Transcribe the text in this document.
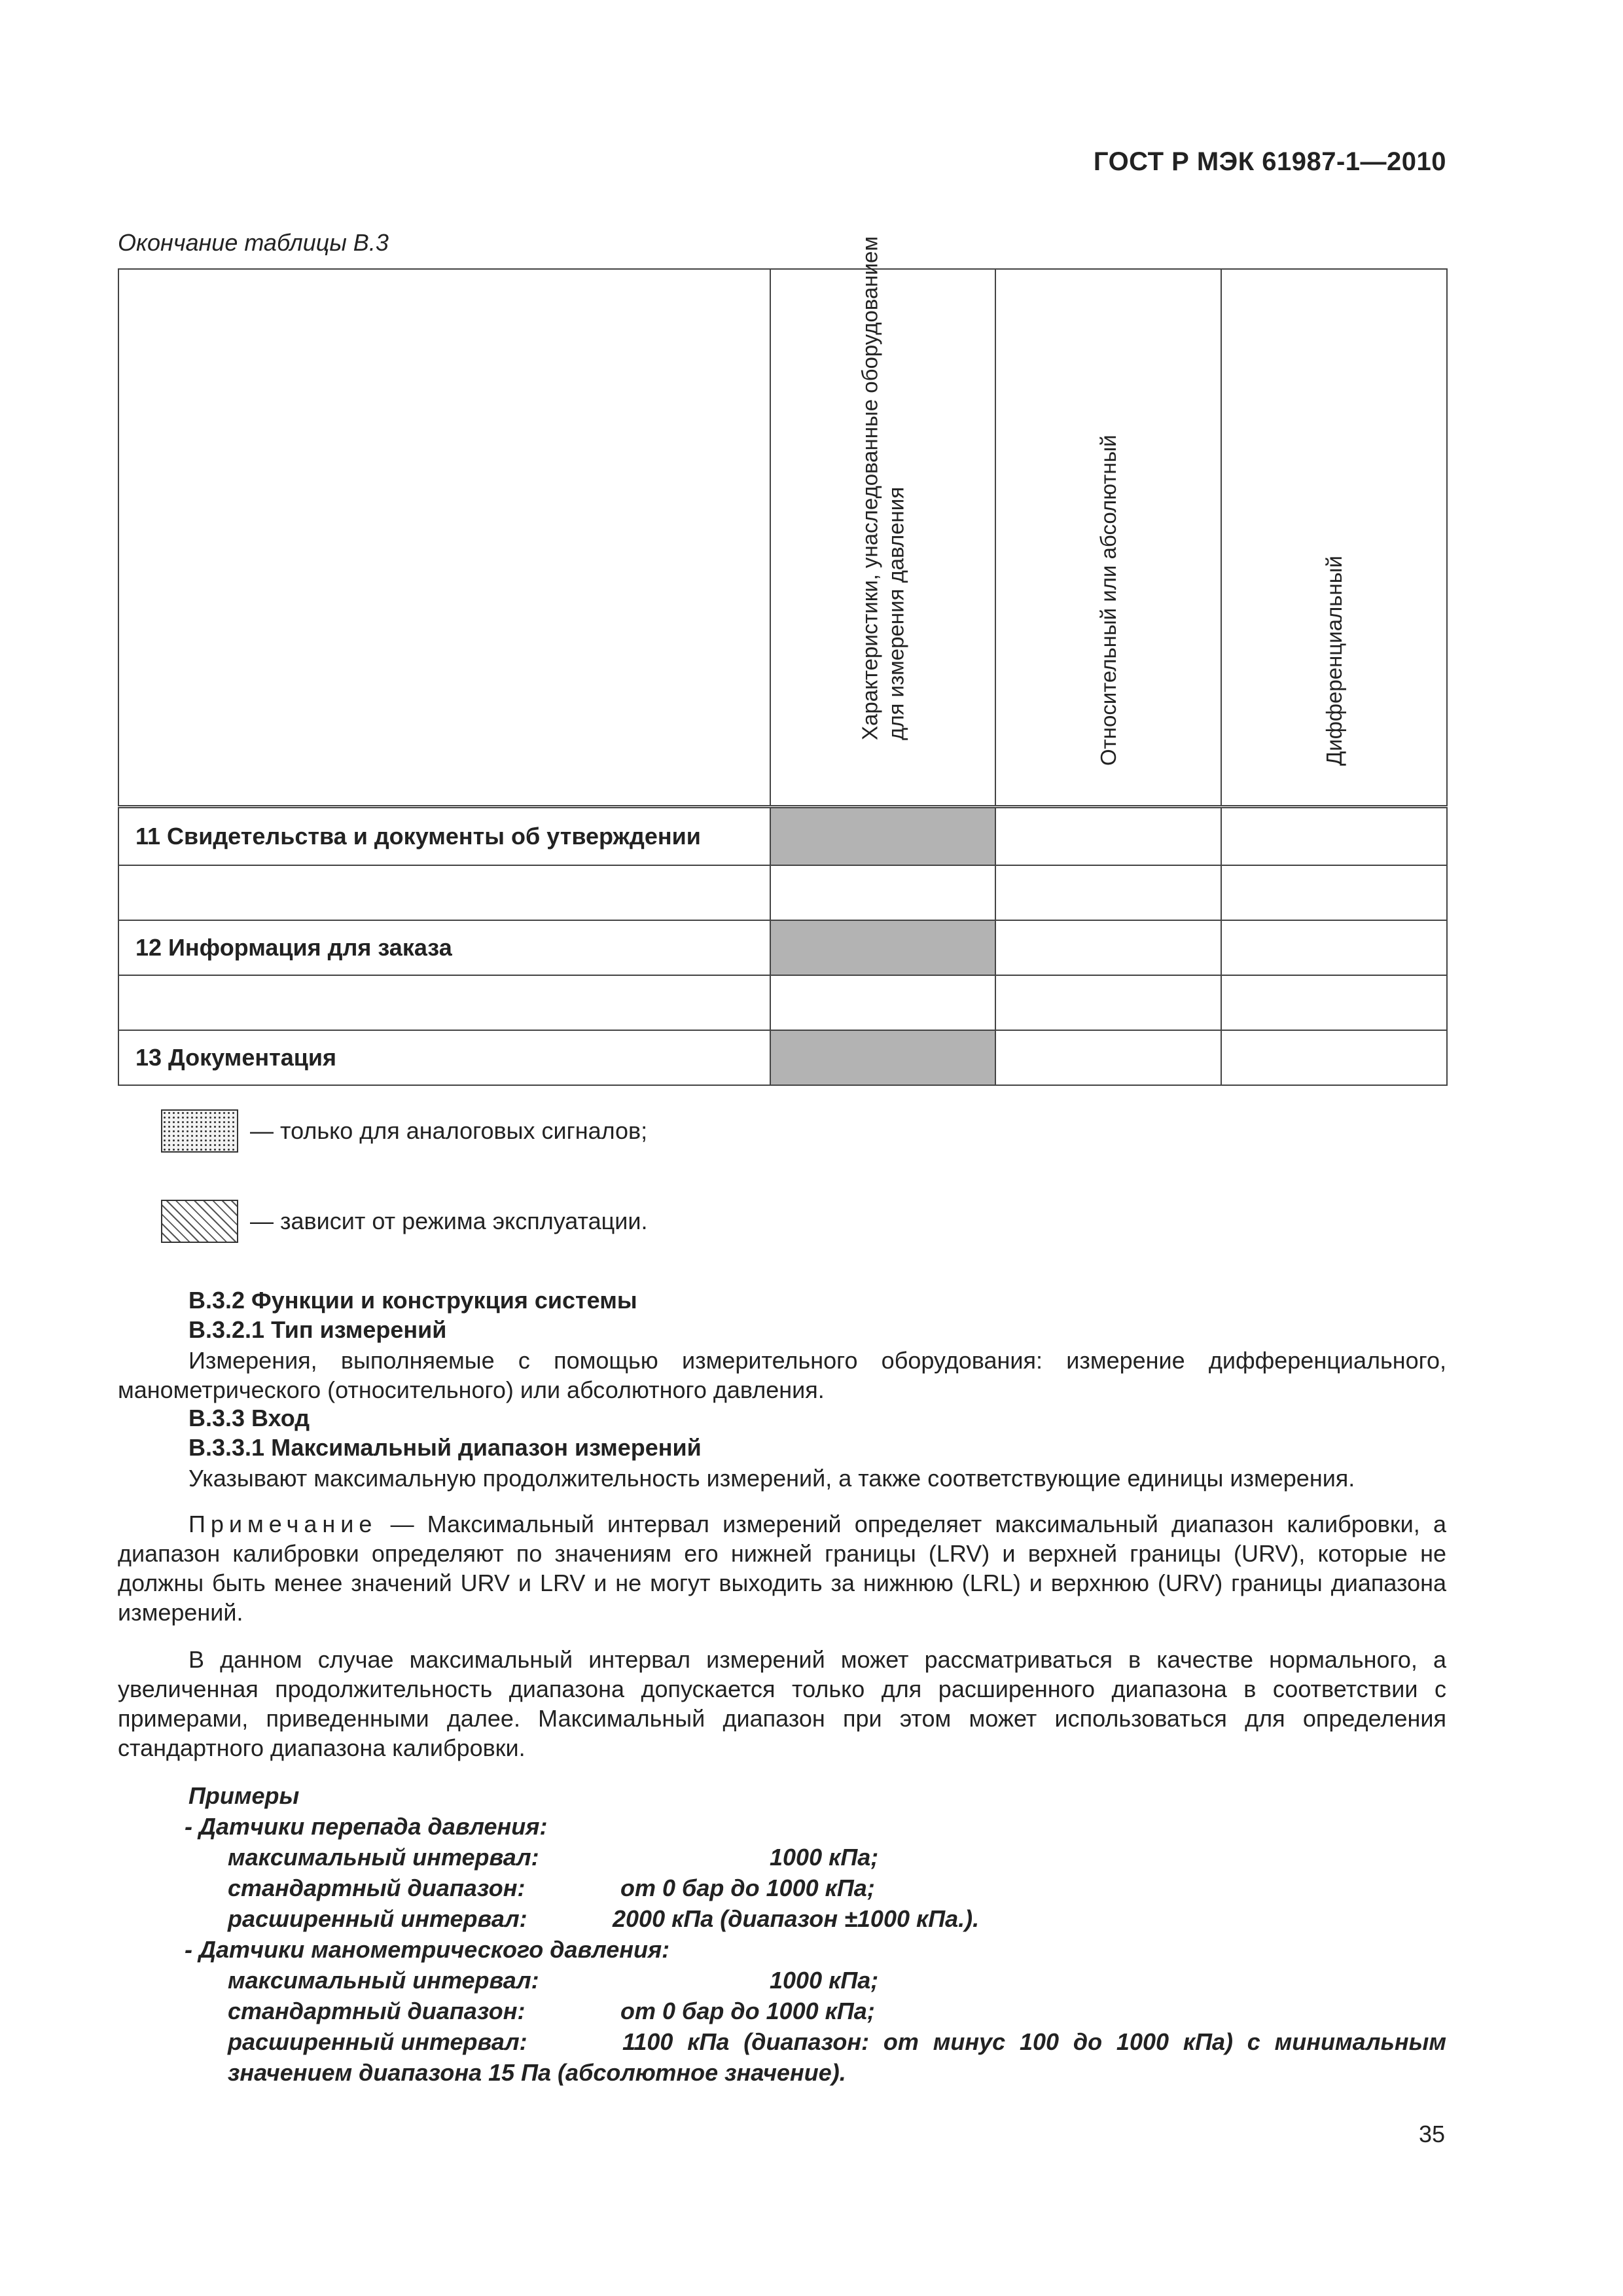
ГОСТ Р МЭК 61987-1—2010
Окончание таблицы В.3

	Характеристики, унаследованные оборудованием для измерения давления	Относительный или абсолютный	Дифференциальный

11 Свидетельства и документы об утверждении			

12 Информация для заказа			

13 Документация			
— только для аналоговых сигналов;
— зависит от режима эксплуатации.
В.3.2 Функции и конструкция системы
В.3.2.1 Тип измерений
Измерения, выполняемые с помощью измерительного оборудования: измерение дифференциального, манометрического (относительного) или абсолютного давления.
В.3.3 Вход
В.3.3.1 Максимальный диапазон измерений
Указывают максимальную продолжительность измерений, а также соответствующие единицы измерения.
Примечание — Максимальный интервал измерений определяет максимальный диапазон калибровки, а диапазон калибровки определяют по значениям его нижней границы (LRV) и верхней границы (URV), которые не должны быть менее значений URV и LRV и не могут выходить за нижнюю (LRL) и верхнюю (URV) границы диапазона измерений.
В данном случае максимальный интервал измерений может рассматриваться в качестве нормального, а увеличенная продолжительность диапазона допускается только для расширенного диапазона в соответствии с примерами, приведенными далее. Максимальный диапазон при этом может использоваться для определения стандартного диапазона калибровки.
Примеры
- Датчики перепада давления:
максимальный интервал:	1000 кПа;
стандартный диапазон:	от 0 бар до 1000 кПа;
расширенный интервал:	2000 кПа (диапазон ±1000 кПа.).
- Датчики манометрического давления:
максимальный интервал:	1000 кПа;
стандартный диапазон:	от 0 бар до 1000 кПа;
расширенный интервал:	1100 кПа (диапазон: от минус 100 до 1000 кПа) с минимальным
значением диапазона 15 Па (абсолютное значение).
35
